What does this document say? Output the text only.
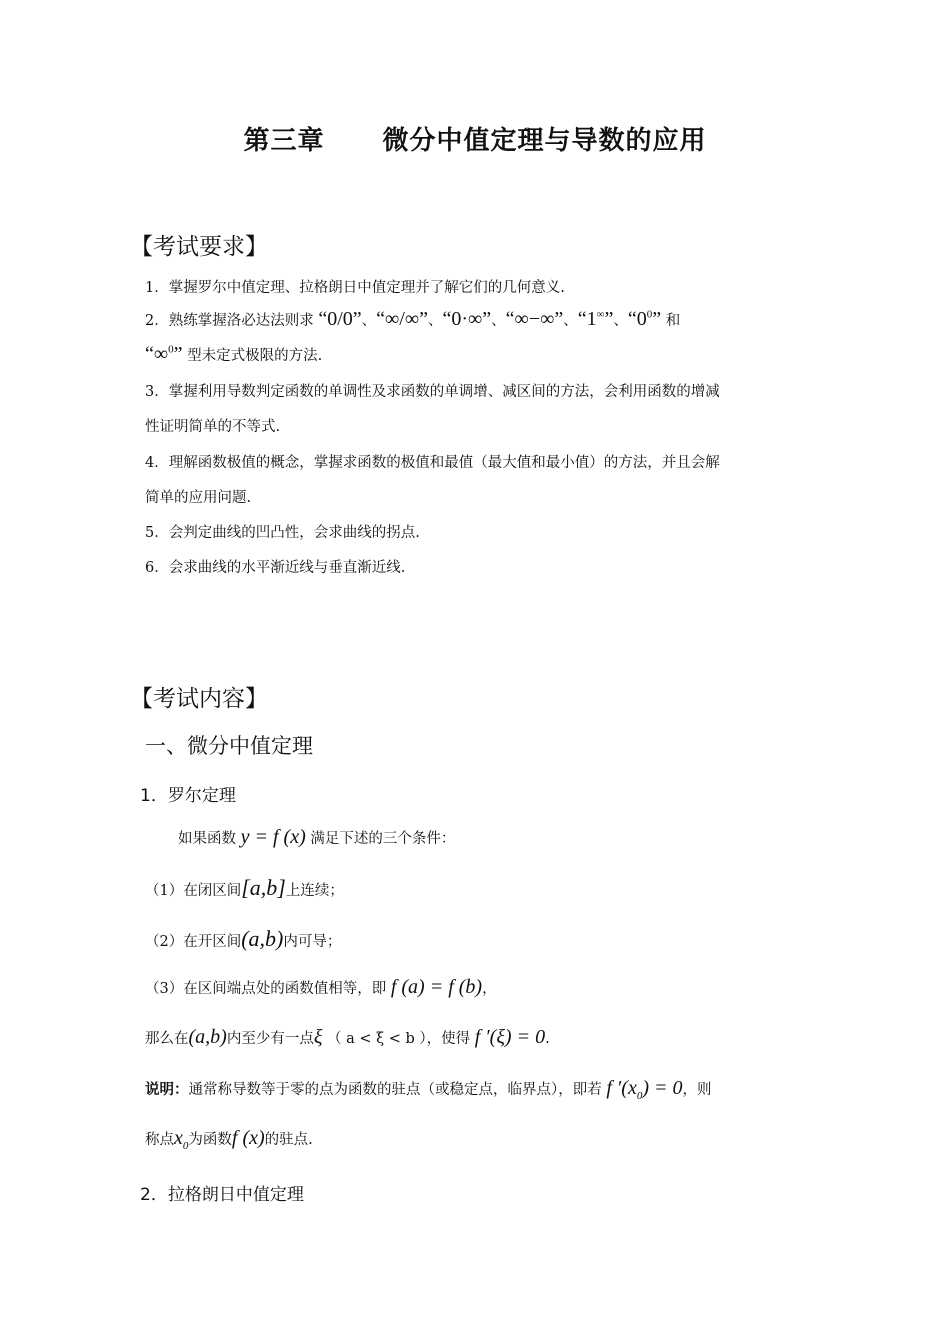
第三章 微分中值定理与导数的应用
【考试要求】
1．掌握罗尔中值定理、拉格朗日中值定理并了解它们的几何意义.
2．熟练掌握洛必达法则求 “0/0”、“∞/∞”、“0·∞”、“∞−∞”、“1∞”、“$0^0$” 和
“∞$^0$” 型未定式极限的方法.
3．掌握利用导数判定函数的单调性及求函数的单调增、减区间的方法，会利用函数的增减
性证明简单的不等式.
4．理解函数极值的概念，掌握求函数的极值和最值（最大值和最小值）的方法，并且会解
简单的应用问题.
5．会判定曲线的凹凸性，会求曲线的拐点.
6．会求曲线的水平渐近线与垂直渐近线.
【考试内容】
一、微分中值定理
1．罗尔定理
如果函数 y = f (x) 满足下述的三个条件：
（1）在闭区间[a,b]上连续；
（2）在开区间(a,b)内可导；
（3）在区间端点处的函数值相等，即 f (a) = f (b)，
那么在(a,b)内至少有一点ξ （ a < ξ < b ），使得 f ′(ξ) = 0.
说明：通常称导数等于零的点为函数的驻点（或稳定点，临界点），即若 f $'(x_0) = 0$，则
称点$x_0$为函数f (x)的驻点.
2．拉格朗日中值定理
